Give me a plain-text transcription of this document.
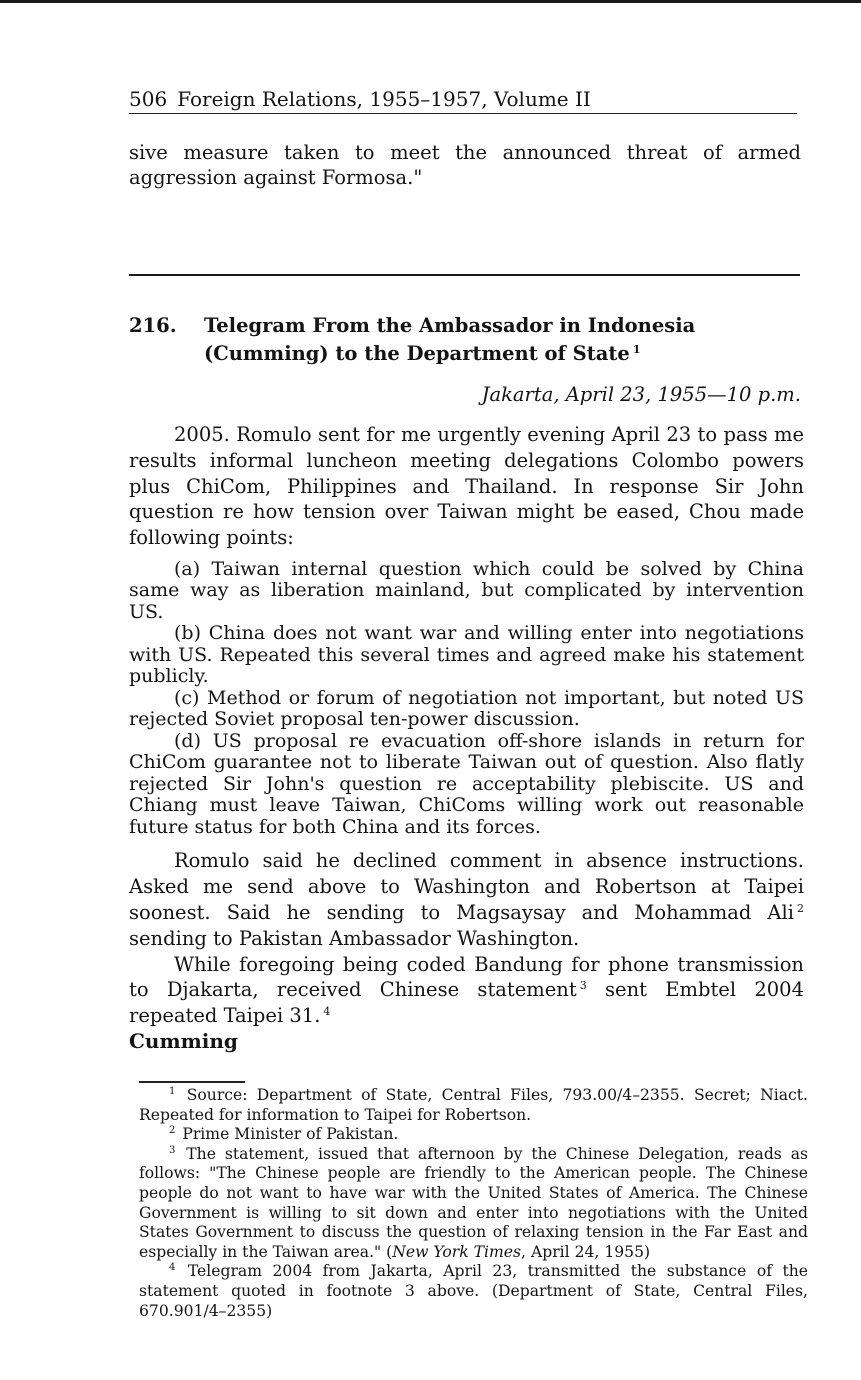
506 Foreign Relations, 1955–1957, Volume II

sive measure taken to meet the announced threat of armed aggression against Formosa."

216. Telegram From the Ambassador in Indonesia (Cumming) to the Department of State $^1$
Jakarta, April 23, 1955—10 p.m.

2005. Romulo sent for me urgently evening April 23 to pass me results informal luncheon meeting delegations Colombo powers plus ChiCom, Philippines and Thailand. In response Sir John question re how tension over Taiwan might be eased, Chou made following points:

(a) Taiwan internal question which could be solved by China same way as liberation mainland, but complicated by intervention US.

(b) China does not want war and willing enter into negotiations with US. Repeated this several times and agreed make his statement publicly.

(c) Method or forum of negotiation not important, but noted US rejected Soviet proposal ten-power discussion.

(d) US proposal re evacuation off-shore islands in return for ChiCom guarantee not to liberate Taiwan out of question. Also flatly rejected Sir John's question re acceptability plebiscite. US and Chiang must leave Taiwan, ChiComs willing work out reasonable future status for both China and its forces.

Romulo said he declined comment in absence instructions. Asked me send above to Washington and Robertson at Taipei soonest. Said he sending to Magsaysay and Mohammad Ali $^2$ sending to Pakistan Ambassador Washington.

While foregoing being coded Bandung for phone transmission to Djakarta, received Chinese statement $^3$ sent Embtel 2004 repeated Taipei 31. $^4$

Cumming

$^1$ Source: Department of State, Central Files, 793.00/4–2355. Secret; Niact. Repeated for information to Taipei for Robertson.

$^2$ Prime Minister of Pakistan.

$^3$ The statement, issued that afternoon by the Chinese Delegation, reads as follows: "The Chinese people are friendly to the American people. The Chinese people do not want to have war with the United States of America. The Chinese Government is willing to sit down and enter into negotiations with the United States Government to discuss the question of relaxing tension in the Far East and especially in the Taiwan area." (New York Times, April 24, 1955)

$^4$ Telegram 2004 from Jakarta, April 23, transmitted the substance of the statement quoted in footnote 3 above. (Department of State, Central Files, 670.901/4–2355)
